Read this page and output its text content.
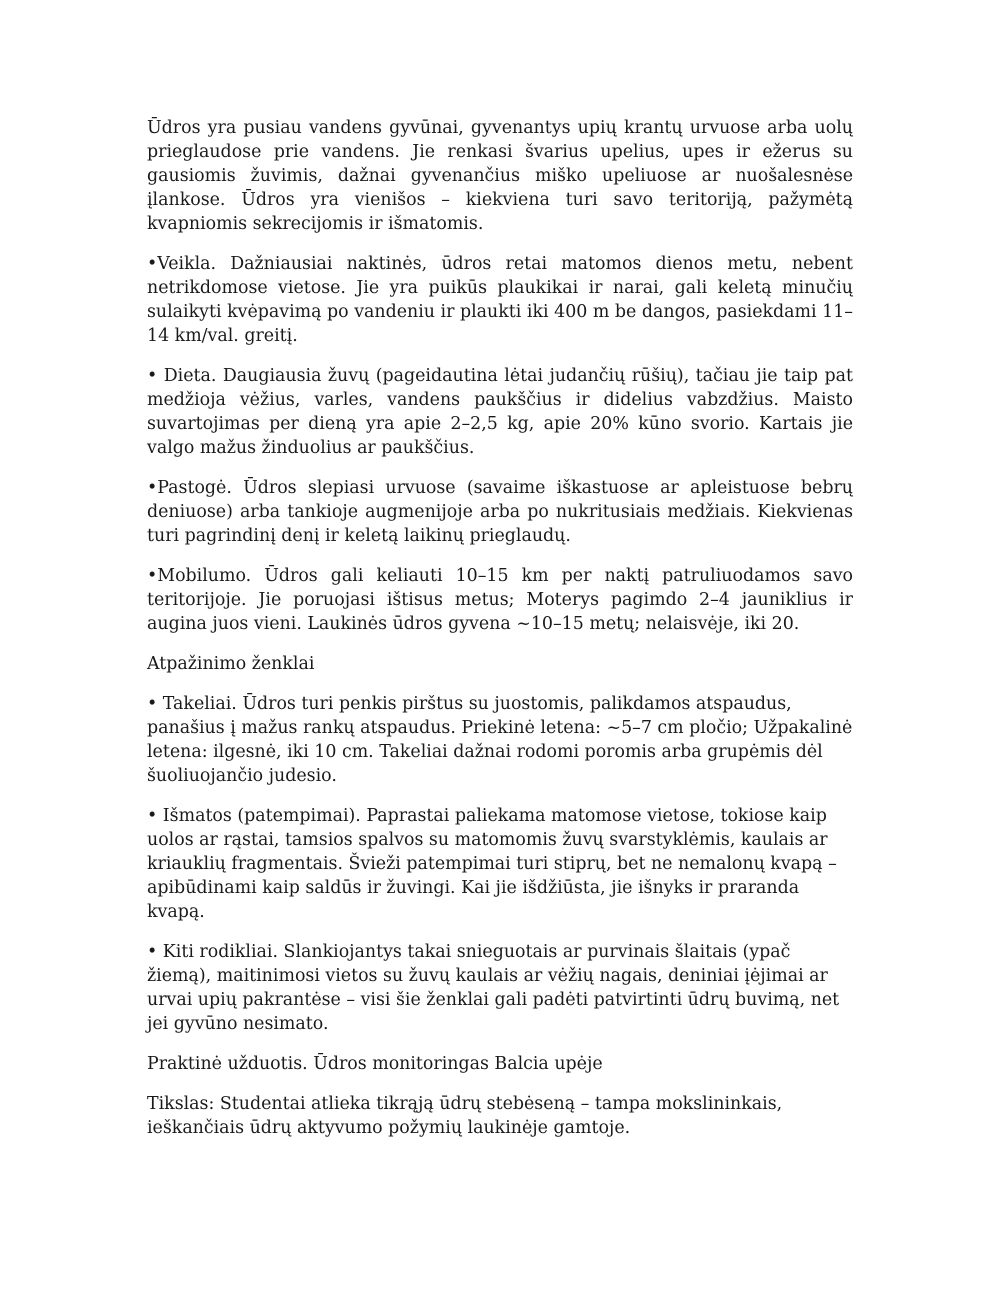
Ūdros yra pusiau vandens gyvūnai, gyvenantys upių krantų urvuose arba uolų prieglaudose prie vandens. Jie renkasi švarius upelius, upes ir ežerus su gausiomis žuvimis, dažnai gyvenančius miško upeliuose ar nuošalesnėse įlankose. Ūdros yra vienišos – kiekviena turi savo teritoriją, pažymėtą kvapniomis sekrecijomis ir išmatomis.

•Veikla. Dažniausiai naktinės, ūdros retai matomos dienos metu, nebent netrikdomose vietose. Jie yra puikūs plaukikai ir narai, gali keletą minučių sulaikyti kvėpavimą po vandeniu ir plaukti iki 400 m be dangos, pasiekdami 11–14 km/val. greitį.

• Dieta. Daugiausia žuvų (pageidautina lėtai judančių rūšių), tačiau jie taip pat medžioja vėžius, varles, vandens paukščius ir didelius vabzdžius. Maisto suvartojimas per dieną yra apie 2–2,5 kg, apie 20% kūno svorio. Kartais jie valgo mažus žinduolius ar paukščius.

•Pastogė. Ūdros slepiasi urvuose (savaime iškastuose ar apleistuose bebrų deniuose) arba tankioje augmenijoje arba po nukritusiais medžiais. Kiekvienas turi pagrindinį denį ir keletą laikinų prieglaudų.

•Mobilumo. Ūdros gali keliauti 10–15 km per naktį patruliuodamos savo teritorijoje. Jie poruojasi ištisus metus; Moterys pagimdo 2–4 jauniklius ir augina juos vieni. Laukinės ūdros gyvena ~10–15 metų; nelaisvėje, iki 20.

Atpažinimo ženklai

• Takeliai. Ūdros turi penkis pirštus su juostomis, palikdamos atspaudus, panašius į mažus rankų atspaudus. Priekinė letena: ~5–7 cm pločio; Užpakalinė letena: ilgesnė, iki 10 cm. Takeliai dažnai rodomi poromis arba grupėmis dėl šuoliuojančio judesio.

• Išmatos (patempimai). Paprastai paliekama matomose vietose, tokiose kaip uolos ar rąstai, tamsios spalvos su matomomis žuvų svarstyklėmis, kaulais ar kriauklių fragmentais. Švieži patempimai turi stiprų, bet ne nemalonų kvapą – apibūdinami kaip saldūs ir žuvingi. Kai jie išdžiūsta, jie išnyks ir praranda kvapą.

• Kiti rodikliai. Slankiojantys takai snieguotais ar purvinais šlaitais (ypač žiemą), maitinimosi vietos su žuvų kaulais ar vėžių nagais, deniniai įėjimai ar urvai upių pakrantėse – visi šie ženklai gali padėti patvirtinti ūdrų buvimą, net jei gyvūno nesimato.

Praktinė užduotis. Ūdros monitoringas Balcia upėje

Tikslas: Studentai atlieka tikrąją ūdrų stebėseną – tampa mokslininkais, ieškančiais ūdrų aktyvumo požymių laukinėje gamtoje.
